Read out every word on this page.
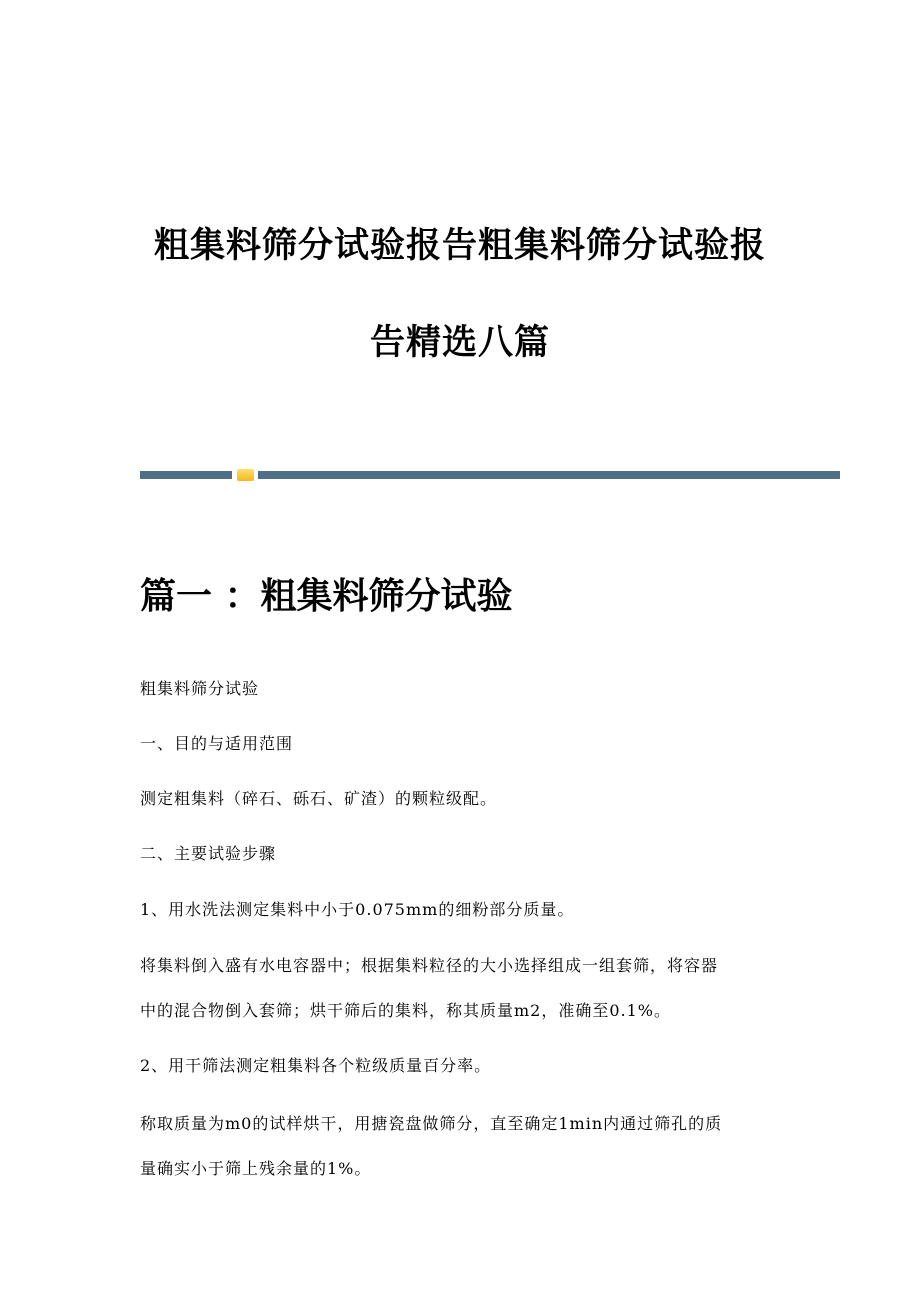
粗集料筛分试验报告粗集料筛分试验报
告精选八篇
篇一 ：粗集料筛分试验
粗集料筛分试验
一、目的与适用范围
测定粗集料（碎石、砾石、矿渣）的颗粒级配。
二、主要试验步骤
1、用水洗法测定集料中小于0.075mm的细粉部分质量。
将集料倒入盛有水电容器中；根据集料粒径的大小选择组成一组套筛，将容器
中的混合物倒入套筛；烘干筛后的集料，称其质量m2，准确至0.1%。
2、用干筛法测定粗集料各个粒级质量百分率。
称取质量为m0的试样烘干，用搪瓷盘做筛分，直至确定1min内通过筛孔的质
量确实小于筛上残余量的1%。
